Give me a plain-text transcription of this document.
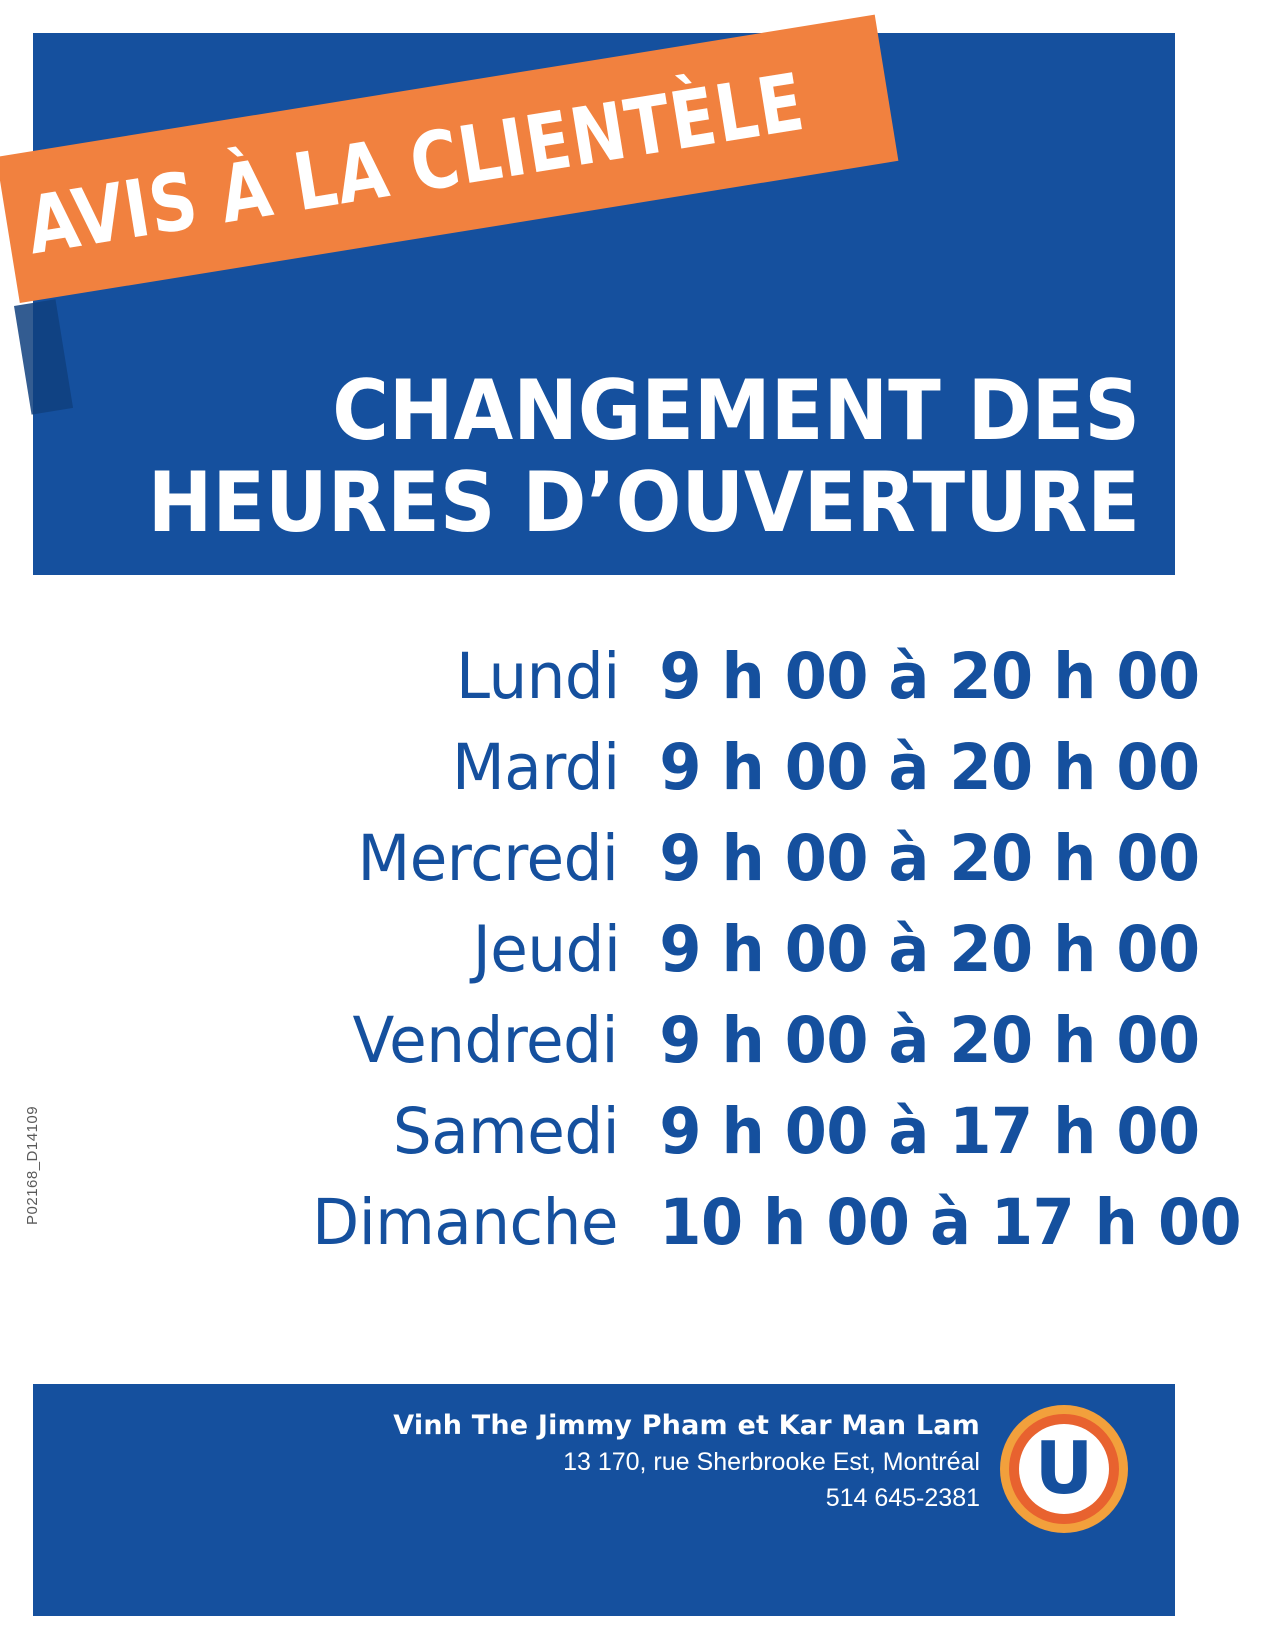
AVIS À LA CLIENTÈLE
CHANGEMENT DES
HEURES D’OUVERTURE
Lundi 9 h 00 à 20 h 00
Mardi 9 h 00 à 20 h 00
Mercredi 9 h 00 à 20 h 00
Jeudi 9 h 00 à 20 h 00
Vendredi 9 h 00 à 20 h 00
Samedi 9 h 00 à 17 h 00
Dimanche 10 h 00 à 17 h 00
P02168_D14109
Vinh The Jimmy Pham et Kar Man Lam
13 170, rue Sherbrooke Est, Montréal
514 645-2381 U
